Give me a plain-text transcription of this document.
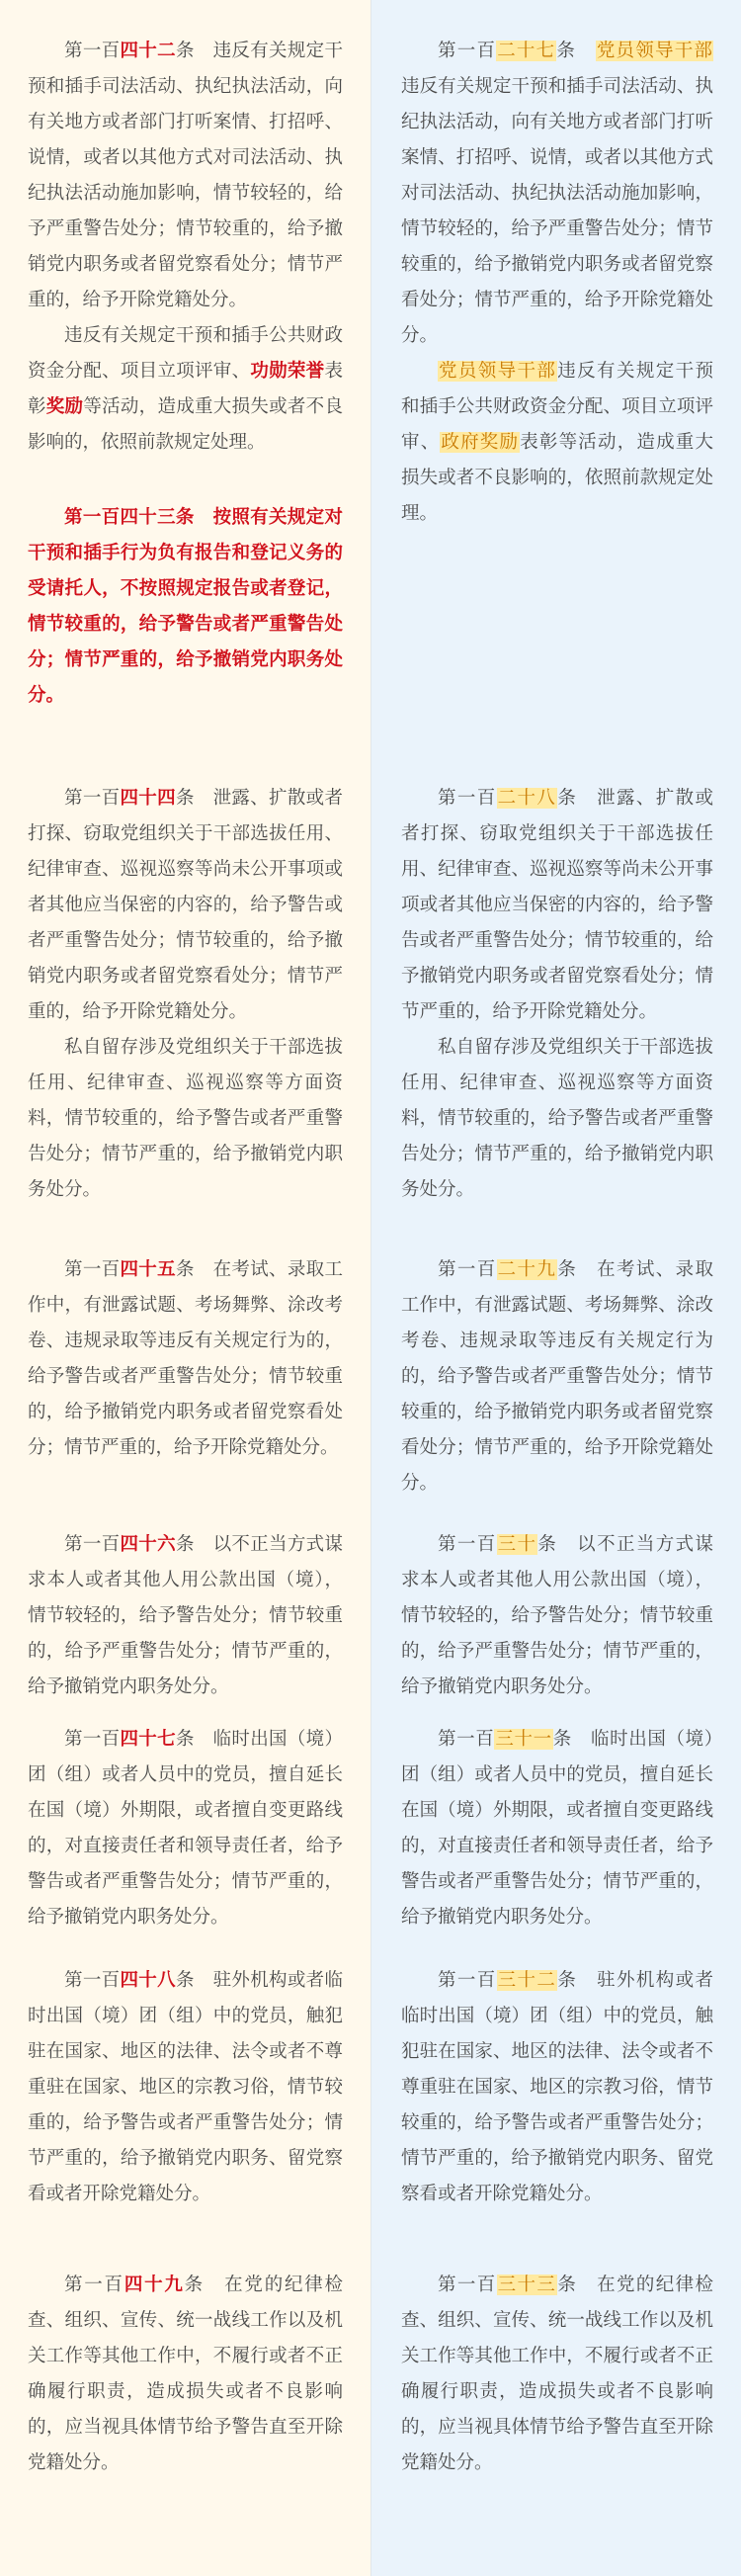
第一百四十二条　违反有关规定干预和插手司法活动、执纪执法活动，向有关地方或者部门打听案情、打招呼、说情，或者以其他方式对司法活动、执纪执法活动施加影响，情节较轻的，给予严重警告处分；情节较重的，给予撤销党内职务或者留党察看处分；情节严重的，给予开除党籍处分。

违反有关规定干预和插手公共财政资金分配、项目立项评审、功勋荣誉表彰奖励等活动，造成重大损失或者不良影响的，依照前款规定处理。

第一百四十三条　按照有关规定对干预和插手行为负有报告和登记义务的受请托人，不按照规定报告或者登记，情节较重的，给予警告或者严重警告处分；情节严重的，给予撤销党内职务处分。

第一百四十四条　泄露、扩散或者打探、窃取党组织关于干部选拔任用、纪律审查、巡视巡察等尚未公开事项或者其他应当保密的内容的，给予警告或者严重警告处分；情节较重的，给予撤销党内职务或者留党察看处分；情节严重的，给予开除党籍处分。

私自留存涉及党组织关于干部选拔任用、纪律审查、巡视巡察等方面资料，情节较重的，给予警告或者严重警告处分；情节严重的，给予撤销党内职务处分。

第一百四十五条　在考试、录取工作中，有泄露试题、考场舞弊、涂改考卷、违规录取等违反有关规定行为的，给予警告或者严重警告处分；情节较重的，给予撤销党内职务或者留党察看处分；情节严重的，给予开除党籍处分。

第一百四十六条　以不正当方式谋求本人或者其他人用公款出国（境），情节较轻的，给予警告处分；情节较重的，给予严重警告处分；情节严重的，给予撤销党内职务处分。

第一百四十七条　临时出国（境）团（组）或者人员中的党员，擅自延长在国（境）外期限，或者擅自变更路线的，对直接责任者和领导责任者，给予警告或者严重警告处分；情节严重的，给予撤销党内职务处分。

第一百四十八条　驻外机构或者临时出国（境）团（组）中的党员，触犯驻在国家、地区的法律、法令或者不尊重驻在国家、地区的宗教习俗，情节较重的，给予警告或者严重警告处分；情节严重的，给予撤销党内职务、留党察看或者开除党籍处分。

第一百四十九条　在党的纪律检查、组织、宣传、统一战线工作以及机关工作等其他工作中，不履行或者不正确履行职责，造成损失或者不良影响的，应当视具体情节给予警告直至开除党籍处分。

第一百二十七条　党员领导干部违反有关规定干预和插手司法活动、执纪执法活动，向有关地方或者部门打听案情、打招呼、说情，或者以其他方式对司法活动、执纪执法活动施加影响，情节较轻的，给予严重警告处分；情节较重的，给予撤销党内职务或者留党察看处分；情节严重的，给予开除党籍处分。

党员领导干部违反有关规定干预和插手公共财政资金分配、项目立项评审、政府奖励表彰等活动，造成重大损失或者不良影响的，依照前款规定处理。

第一百二十八条　泄露、扩散或者打探、窃取党组织关于干部选拔任用、纪律审查、巡视巡察等尚未公开事项或者其他应当保密的内容的，给予警告或者严重警告处分；情节较重的，给予撤销党内职务或者留党察看处分；情节严重的，给予开除党籍处分。

私自留存涉及党组织关于干部选拔任用、纪律审查、巡视巡察等方面资料，情节较重的，给予警告或者严重警告处分；情节严重的，给予撤销党内职务处分。

第一百二十九条　在考试、录取工作中，有泄露试题、考场舞弊、涂改考卷、违规录取等违反有关规定行为的，给予警告或者严重警告处分；情节较重的，给予撤销党内职务或者留党察看处分；情节严重的，给予开除党籍处分。

第一百三十条　以不正当方式谋求本人或者其他人用公款出国（境），情节较轻的，给予警告处分；情节较重的，给予严重警告处分；情节严重的，给予撤销党内职务处分。

第一百三十一条　临时出国（境）团（组）或者人员中的党员，擅自延长在国（境）外期限，或者擅自变更路线的，对直接责任者和领导责任者，给予警告或者严重警告处分；情节严重的，给予撤销党内职务处分。

第一百三十二条　驻外机构或者临时出国（境）团（组）中的党员，触犯驻在国家、地区的法律、法令或者不尊重驻在国家、地区的宗教习俗，情节较重的，给予警告或者严重警告处分；情节严重的，给予撤销党内职务、留党察看或者开除党籍处分。

第一百三十三条　在党的纪律检查、组织、宣传、统一战线工作以及机关工作等其他工作中，不履行或者不正确履行职责，造成损失或者不良影响的，应当视具体情节给予警告直至开除党籍处分。
